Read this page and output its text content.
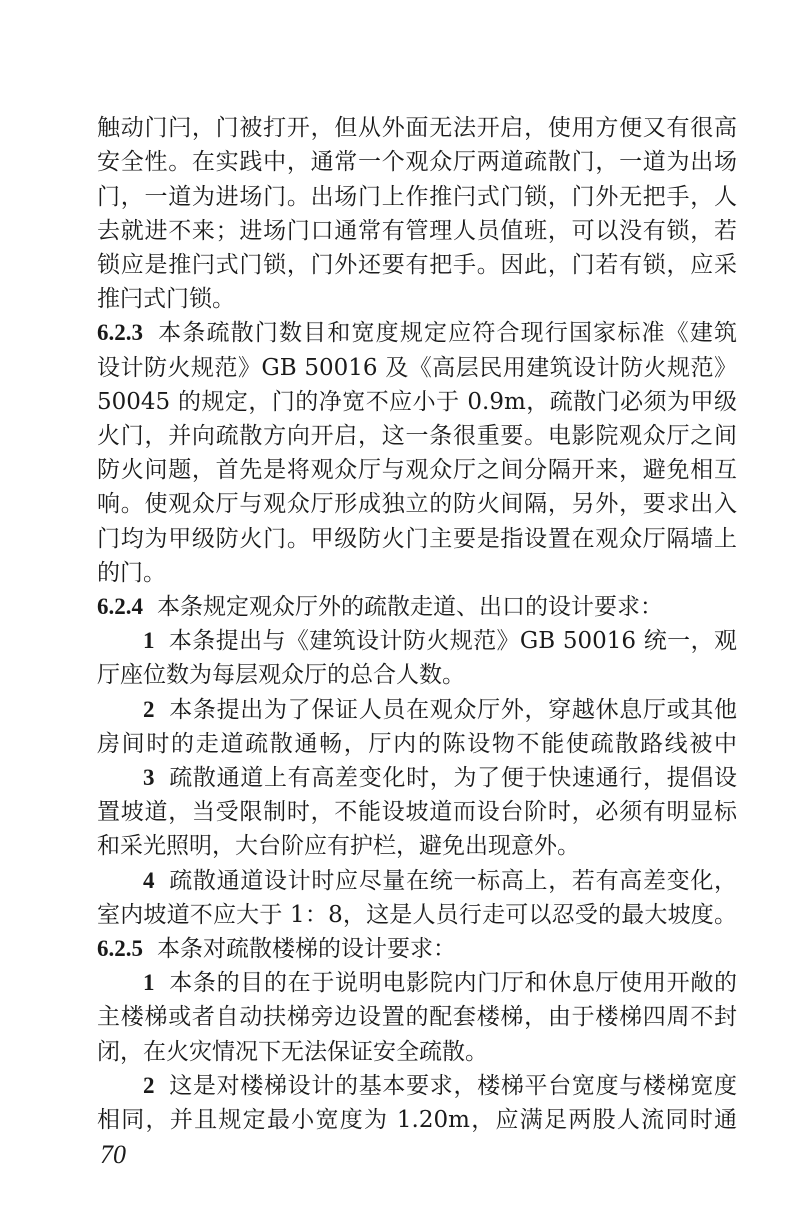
触动门闩，门被打开，但从外面无法开启，使用方便又有很高
安全性。在实践中，通常一个观众厅两道疏散门，一道为出场
门，一道为进场门。出场门上作推闩式门锁，门外无把手，人
去就进不来；进场门口通常有管理人员值班，可以没有锁，若
锁应是推闩式门锁，门外还要有把手。因此，门若有锁，应采
推闩式门锁。
6.2.3 本条疏散门数目和宽度规定应符合现行国家标准《建筑
设计防火规范》GB 50016 及《高层民用建筑设计防火规范》
50045 的规定，门的净宽不应小于 0.9m，疏散门必须为甲级
火门，并向疏散方向开启，这一条很重要。电影院观众厅之间
防火问题，首先是将观众厅与观众厅之间分隔开来，避免相互
响。使观众厅与观众厅形成独立的防火间隔，另外，要求出入
门均为甲级防火门。甲级防火门主要是指设置在观众厅隔墙上
的门。
6.2.4 本条规定观众厅外的疏散走道、出口的设计要求：
1 本条提出与《建筑设计防火规范》GB 50016 统一，观
厅座位数为每层观众厅的总合人数。
2 本条提出为了保证人员在观众厅外，穿越休息厅或其他
房间时的走道疏散通畅，厅内的陈设物不能使疏散路线被中
3 疏散通道上有高差变化时，为了便于快速通行，提倡设
置坡道，当受限制时，不能设坡道而设台阶时，必须有明显标
和采光照明，大台阶应有护栏，避免出现意外。
4 疏散通道设计时应尽量在统一标高上，若有高差变化，
室内坡道不应大于 1：8，这是人员行走可以忍受的最大坡度。
6.2.5 本条对疏散楼梯的设计要求：
1 本条的目的在于说明电影院内门厅和休息厅使用开敞的
主楼梯或者自动扶梯旁边设置的配套楼梯，由于楼梯四周不封
闭，在火灾情况下无法保证安全疏散。
2 这是对楼梯设计的基本要求，楼梯平台宽度与楼梯宽度
相同，并且规定最小宽度为 1.20m，应满足两股人流同时通
70
